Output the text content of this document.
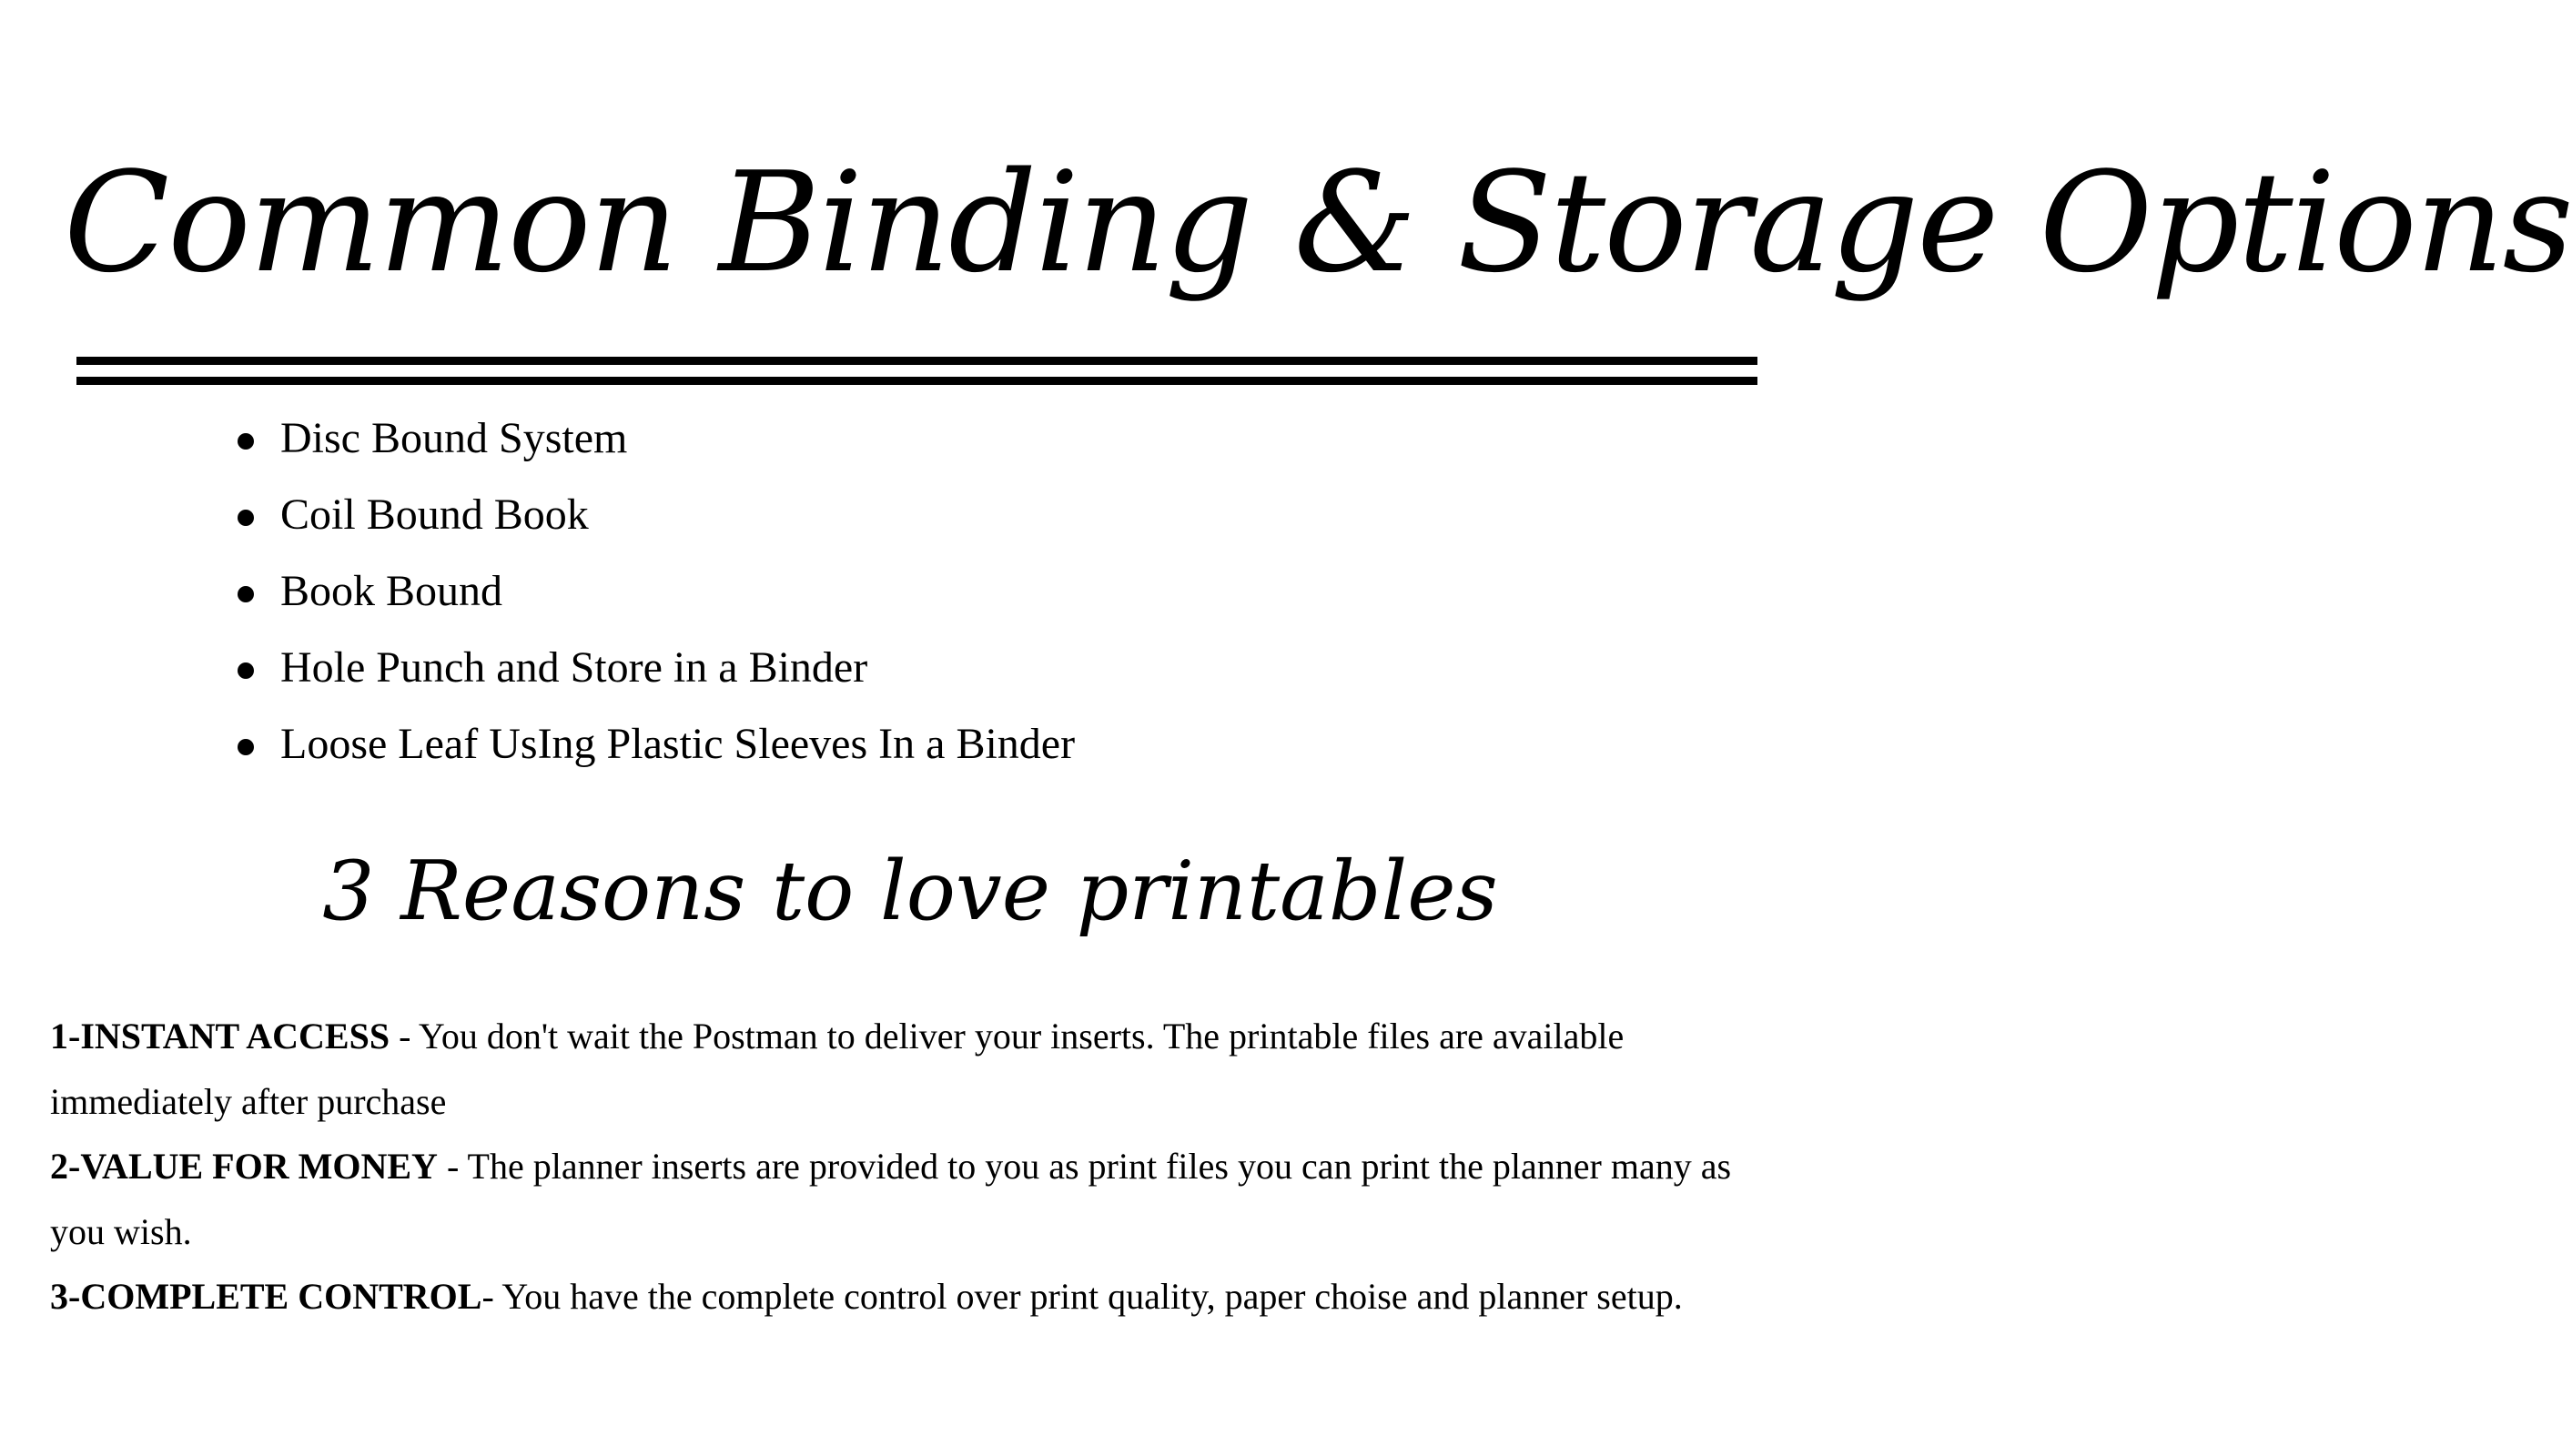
Common Binding & Storage Options
Disc Bound System
Coil Bound Book
Book Bound
Hole Punch and Store in a Binder
Loose Leaf UsIng Plastic Sleeves In a Binder
3 Reasons to love printables

1-INSTANT ACCESS - You don't wait the Postman to deliver your inserts. The printable files are available immediately after purchase

2-VALUE FOR MONEY - The planner inserts are provided to you as print files you can print the planner many as you wish.

3-COMPLETE CONTROL- You have the complete control over print quality, paper choise and planner setup.
